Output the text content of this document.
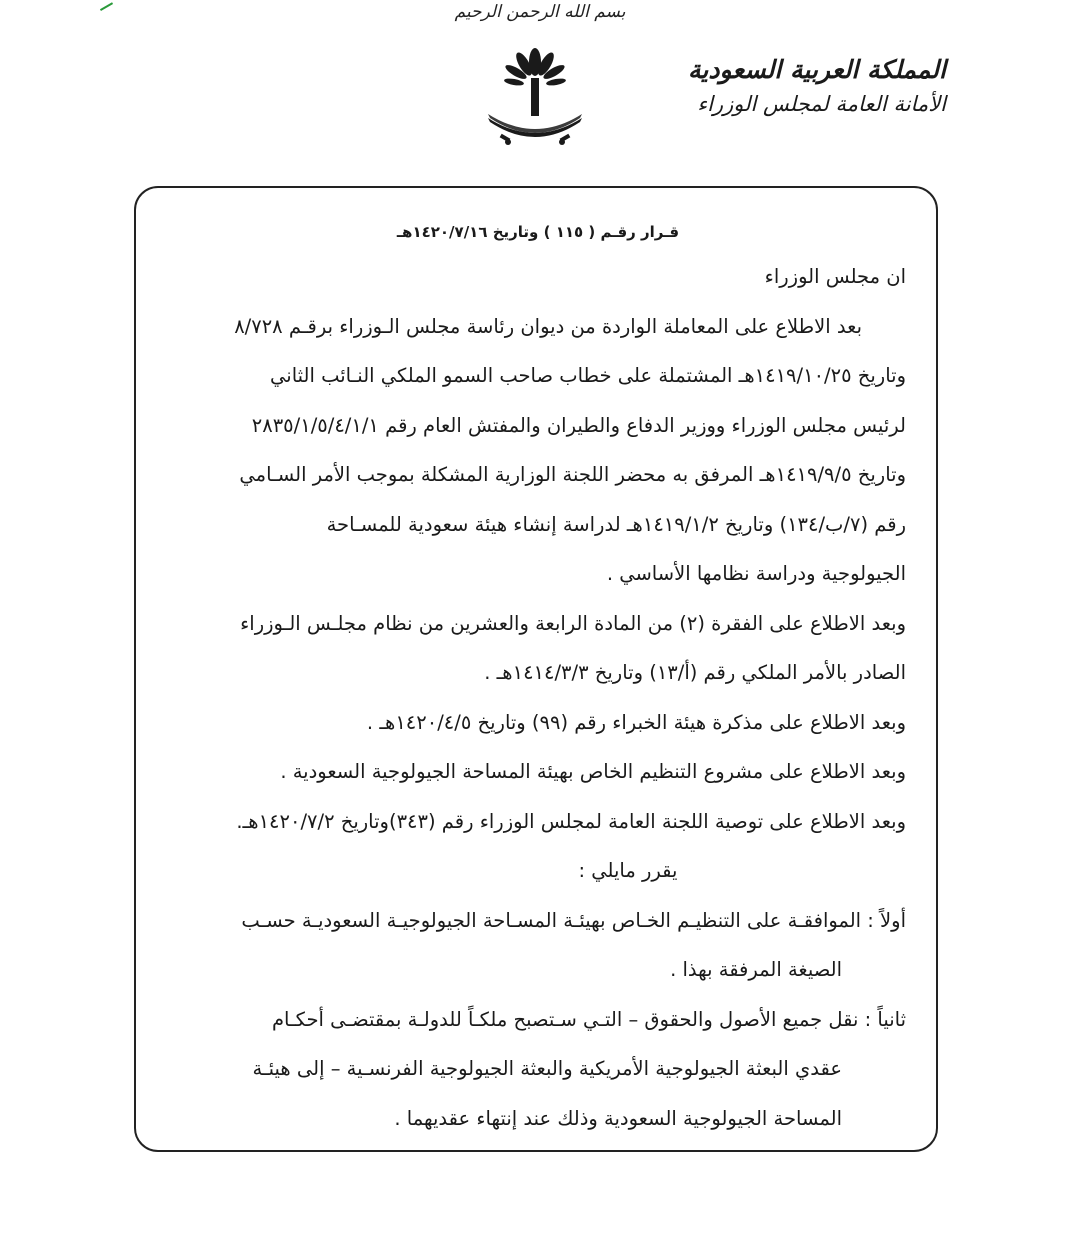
بسم الله الرحمن الرحيم
المملكة العربية السعودية
الأمانة العامة لمجلس الوزراء
قـرار رقـم ( ١١٥ ) وتاريخ ١٤٢٠/٧/١٦هـ
ان مجلس الوزراء
بعد الاطلاع على المعاملة الواردة من ديوان رئاسة مجلس الـوزراء برقـم ٨/٧٢٨
وتاريخ ١٤١٩/١٠/٢٥هـ المشتملة على خطاب صاحب السمو الملكي النـائب الثاني
لرئيس مجلس الوزراء ووزير الدفاع والطيران والمفتش العام رقم ٢٨٣٥/١/٥/٤/١/١
وتاريخ ١٤١٩/٩/٥هـ المرفق به محضر اللجنة الوزارية المشكلة بموجب الأمر السـامي
رقم (٧/ب/١٣٤) وتاريخ ١٤١٩/١/٢هـ لدراسة إنشاء هيئة سعودية للمسـاحة
الجيولوجية ودراسة نظامها الأساسي .
وبعد الاطلاع على الفقرة (٢) من المادة الرابعة والعشرين من نظام مجلـس الـوزراء
الصادر بالأمر الملكي رقم (أ/١٣) وتاريخ ١٤١٤/٣/٣هـ .
وبعد الاطلاع على مذكرة هيئة الخبراء رقم (٩٩) وتاريخ ١٤٢٠/٤/٥هـ .
وبعد الاطلاع على مشروع التنظيم الخاص بهيئة المساحة الجيولوجية السعودية .
وبعد الاطلاع على توصية اللجنة العامة لمجلس الوزراء رقم (٣٤٣)وتاريخ ١٤٢٠/٧/٢هـ.
يقرر مايلي :
أولاً : الموافقـة على التنظيـم الخـاص بهيئـة المسـاحة الجيولوجيـة السعوديـة حسـب
الصيغة المرفقة بهذا .
ثانياً : نقل جميع الأصول والحقوق – التـي سـتصبح ملكـاً للدولـة بمقتضـى أحكـام
عقدي البعثة الجيولوجية الأمريكية والبعثة الجيولوجية الفرنسـية – إلى هيئـة
المساحة الجيولوجية السعودية وذلك عند إنتهاء عقديهما .
